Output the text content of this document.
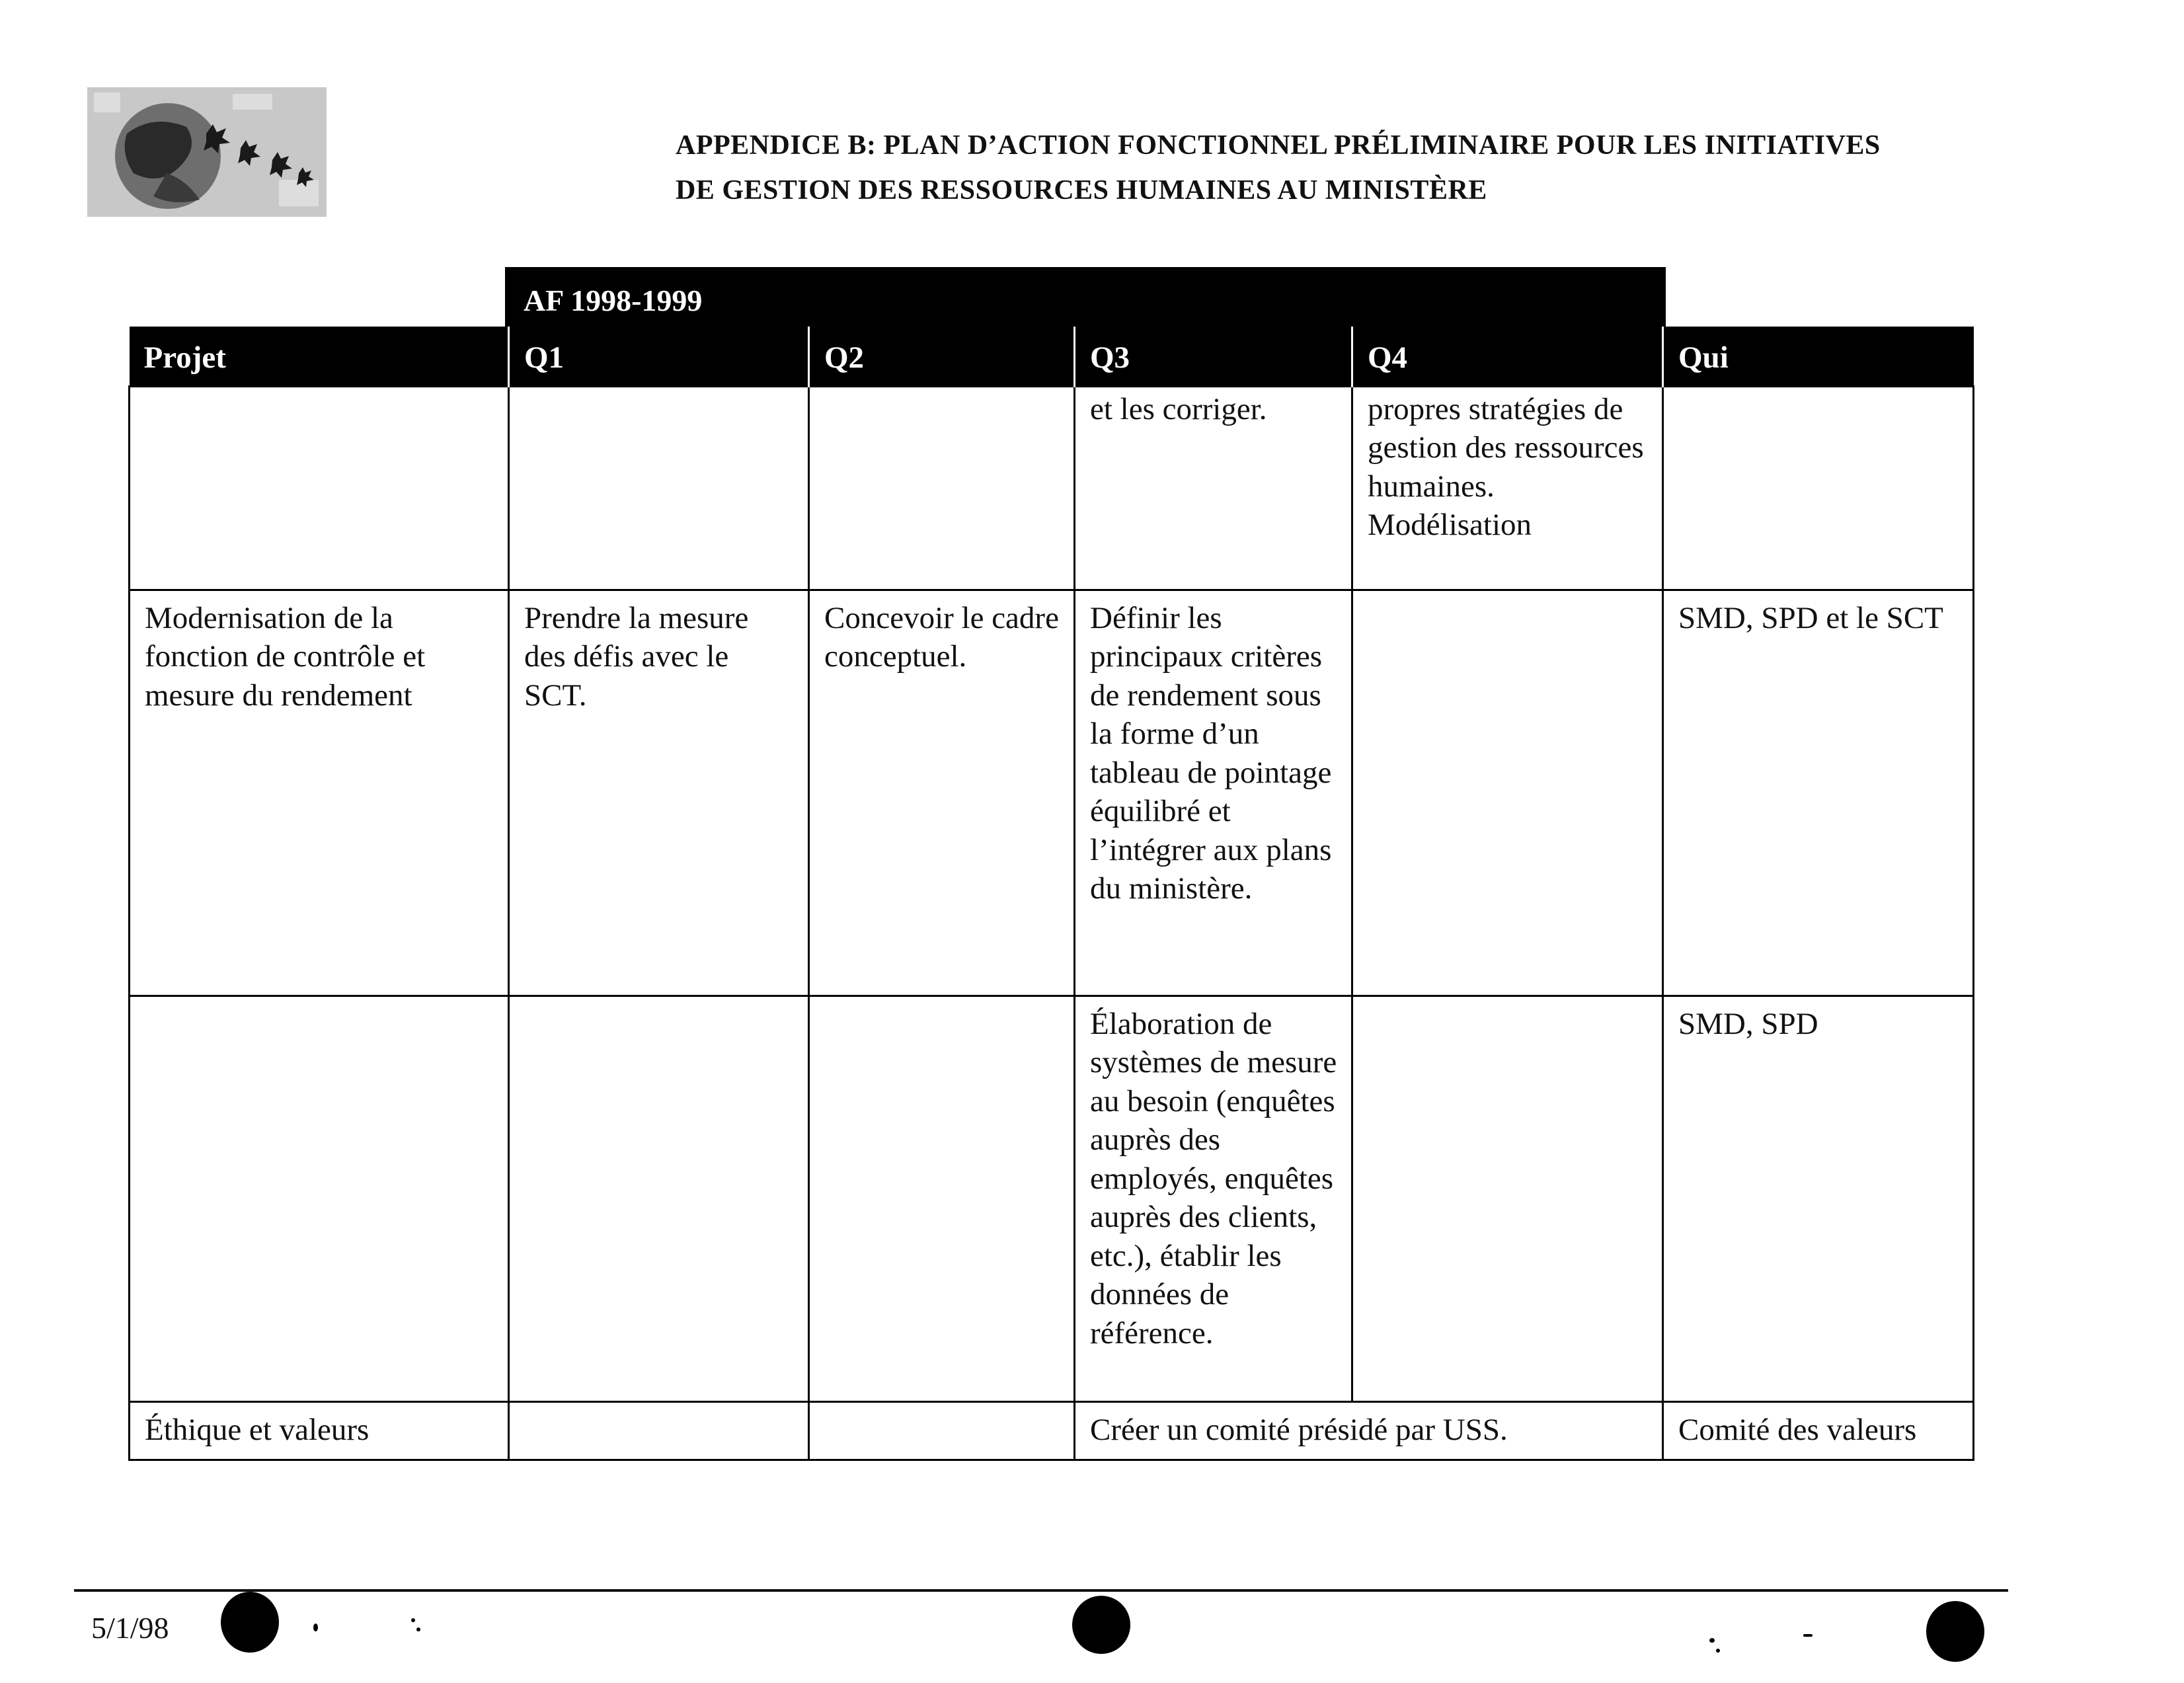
APPENDICE B: PLAN D’ACTION FONCTIONNEL PRÉLIMINAIRE POUR LES INITIATIVES
DE GESTION DES RESSOURCES HUMAINES AU MINISTÈRE
AF 1998-1999
Projet	Q1	Q2	Q3	Q4	Qui
			et les corriger.	propres stratégies de gestion des ressources humaines. Modélisation	
Modernisation de la fonction de contrôle et mesure du rendement	Prendre la mesure des défis avec le SCT.	Concevoir le cadre conceptuel.	Définir les principaux critères de rendement sous la forme d’un tableau de pointage équilibré et l’intégrer aux plans du ministère.		SMD, SPD et le SCT
			Élaboration de systèmes de mesure au besoin (enquêtes auprès des employés, enquêtes auprès des clients, etc.), établir les données de référence.		SMD, SPD
Éthique et valeurs			Créer un comité présidé par USS.		Comité des valeurs
5/1/98
